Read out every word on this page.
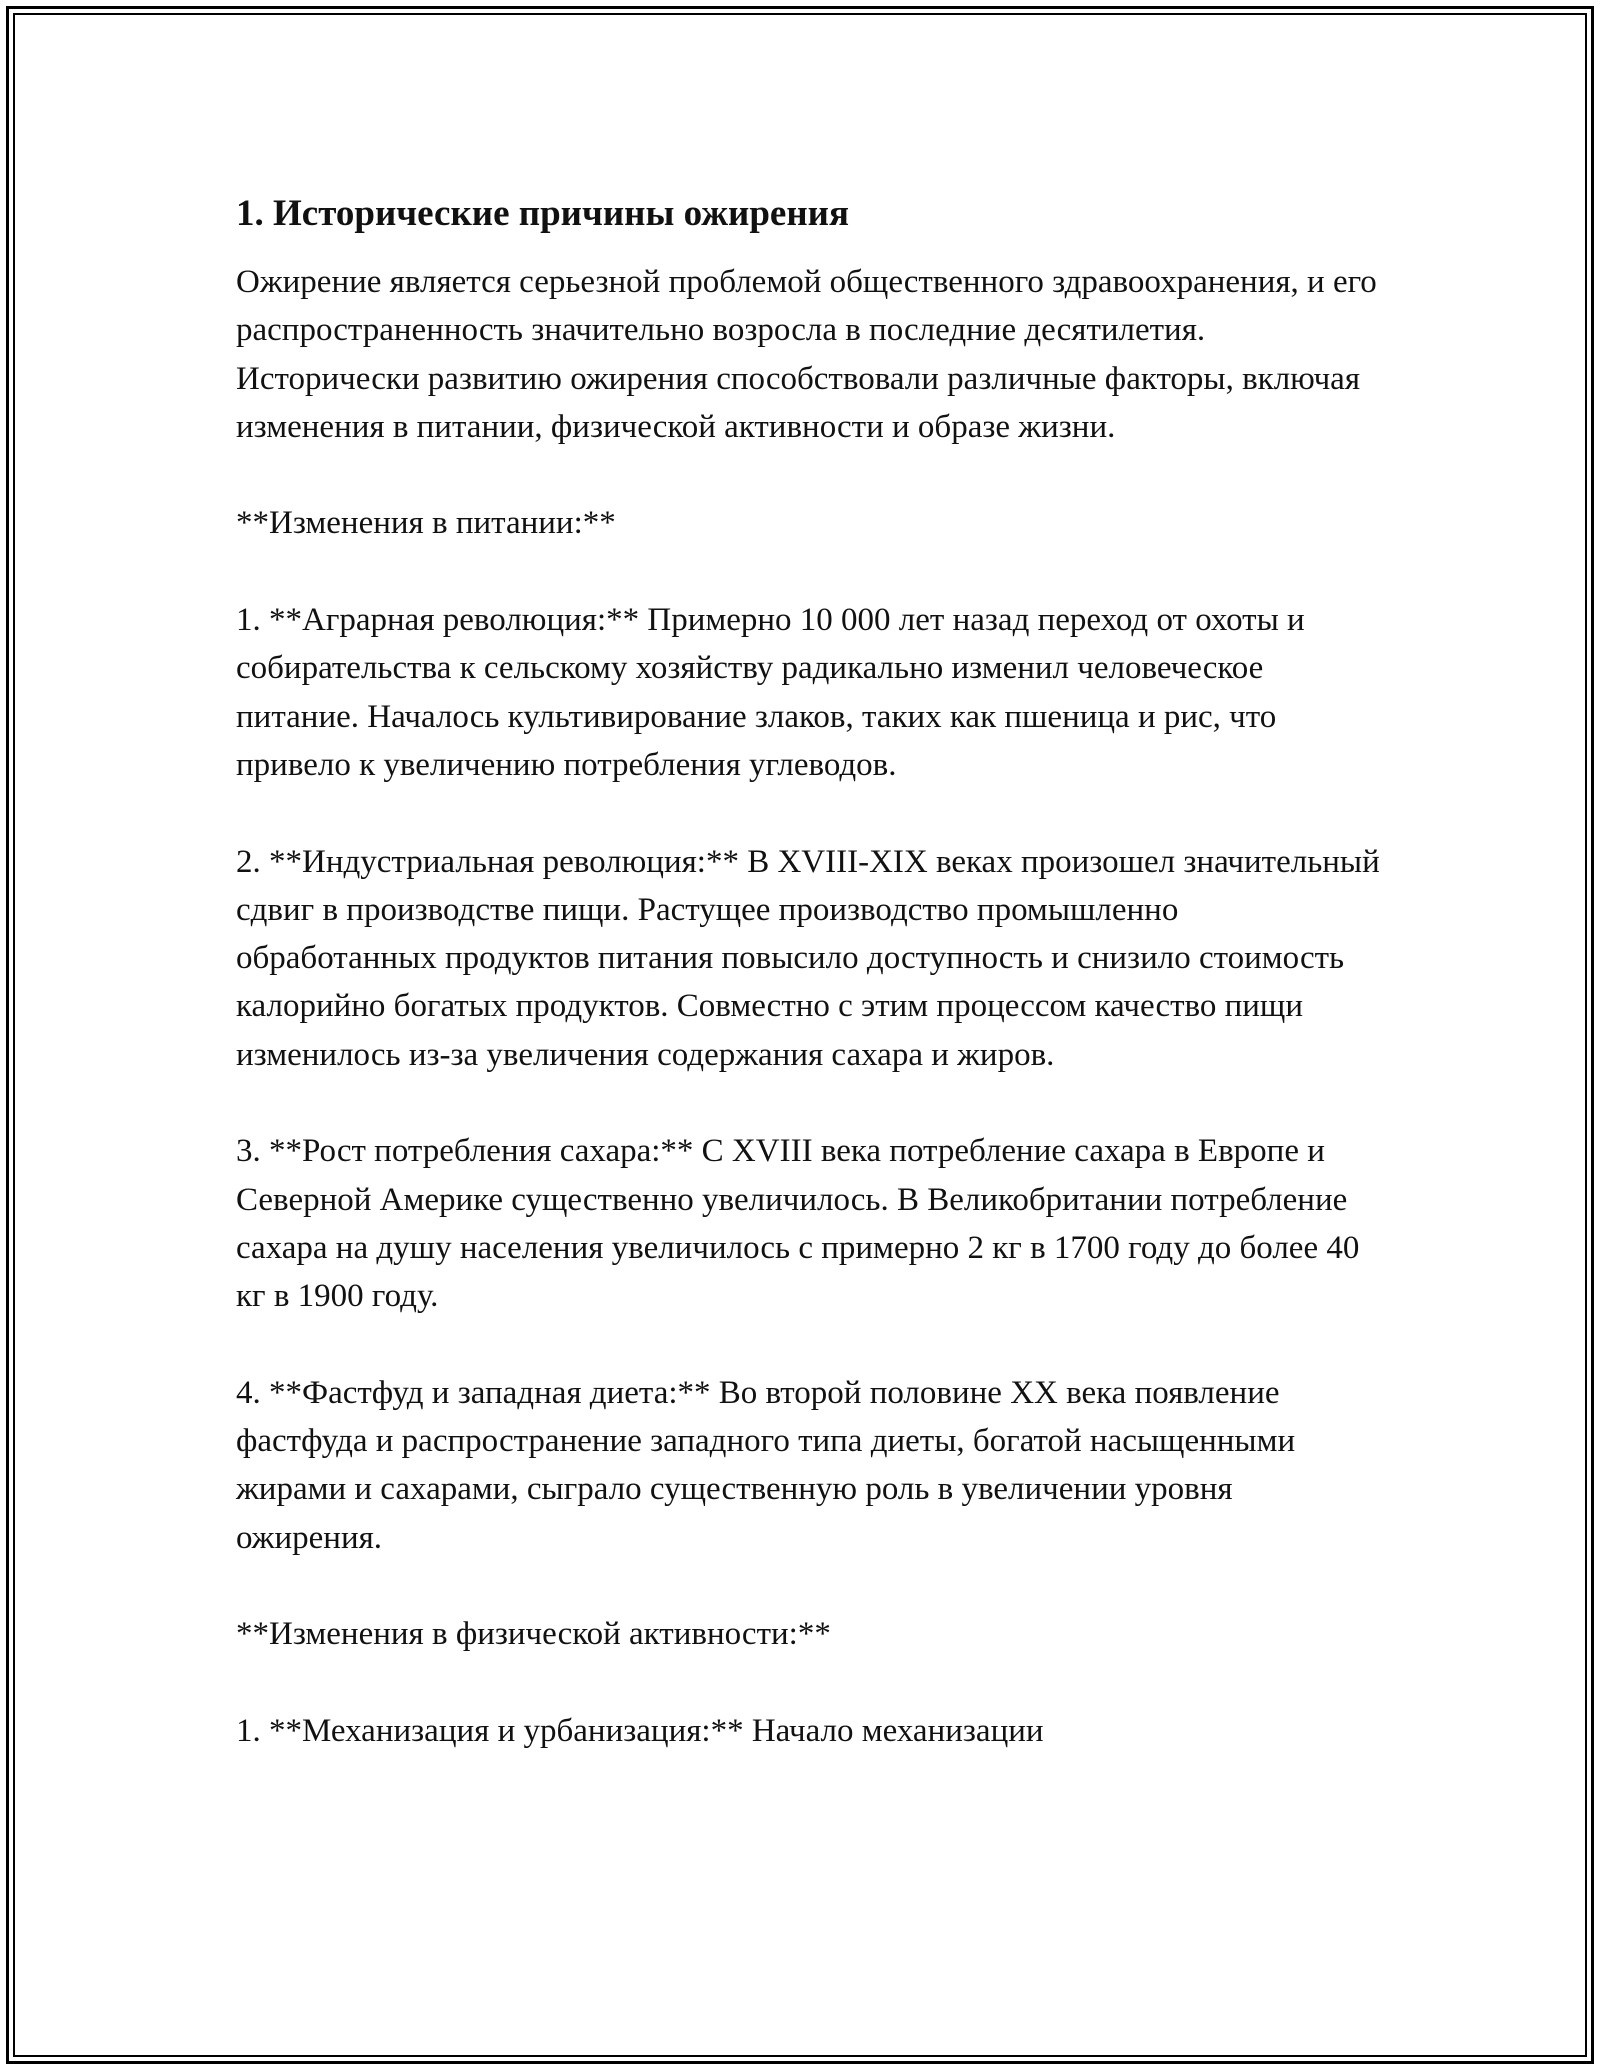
1. Исторические причины ожирения

Ожирение является серьезной проблемой общественного здравоохранения, и его распространенность значительно возросла в последние десятилетия. Исторически развитию ожирения способствовали различные факторы, включая изменения в питании, физической активности и образе жизни.

**Изменения в питании:**

1. **Аграрная революция:** Примерно 10 000 лет назад переход от охоты и собирательства к сельскому хозяйству радикально изменил человеческое питание. Началось культивирование злаков, таких как пшеница и рис, что привело к увеличению потребления углеводов.

2. **Индустриальная революция:** В XVIII-XIX веках произошел значительный сдвиг в производстве пищи. Растущее производство промышленно обработанных продуктов питания повысило доступность и снизило стоимость калорийно богатых продуктов. Совместно с этим процессом качество пищи изменилось из-за увеличения содержания сахара и жиров.

3. **Рост потребления сахара:** С XVIII века потребление сахара в Европе и Северной Америке существенно увеличилось. В Великобритании потребление сахара на душу населения увеличилось с примерно 2 кг в 1700 году до более 40 кг в 1900 году.

4. **Фастфуд и западная диета:** Во второй половине XX века появление фастфуда и распространение западного типа диеты, богатой насыщенными жирами и сахарами, сыграло существенную роль в увеличении уровня ожирения.

**Изменения в физической активности:**

1. **Механизация и урбанизация:** Начало механизации
